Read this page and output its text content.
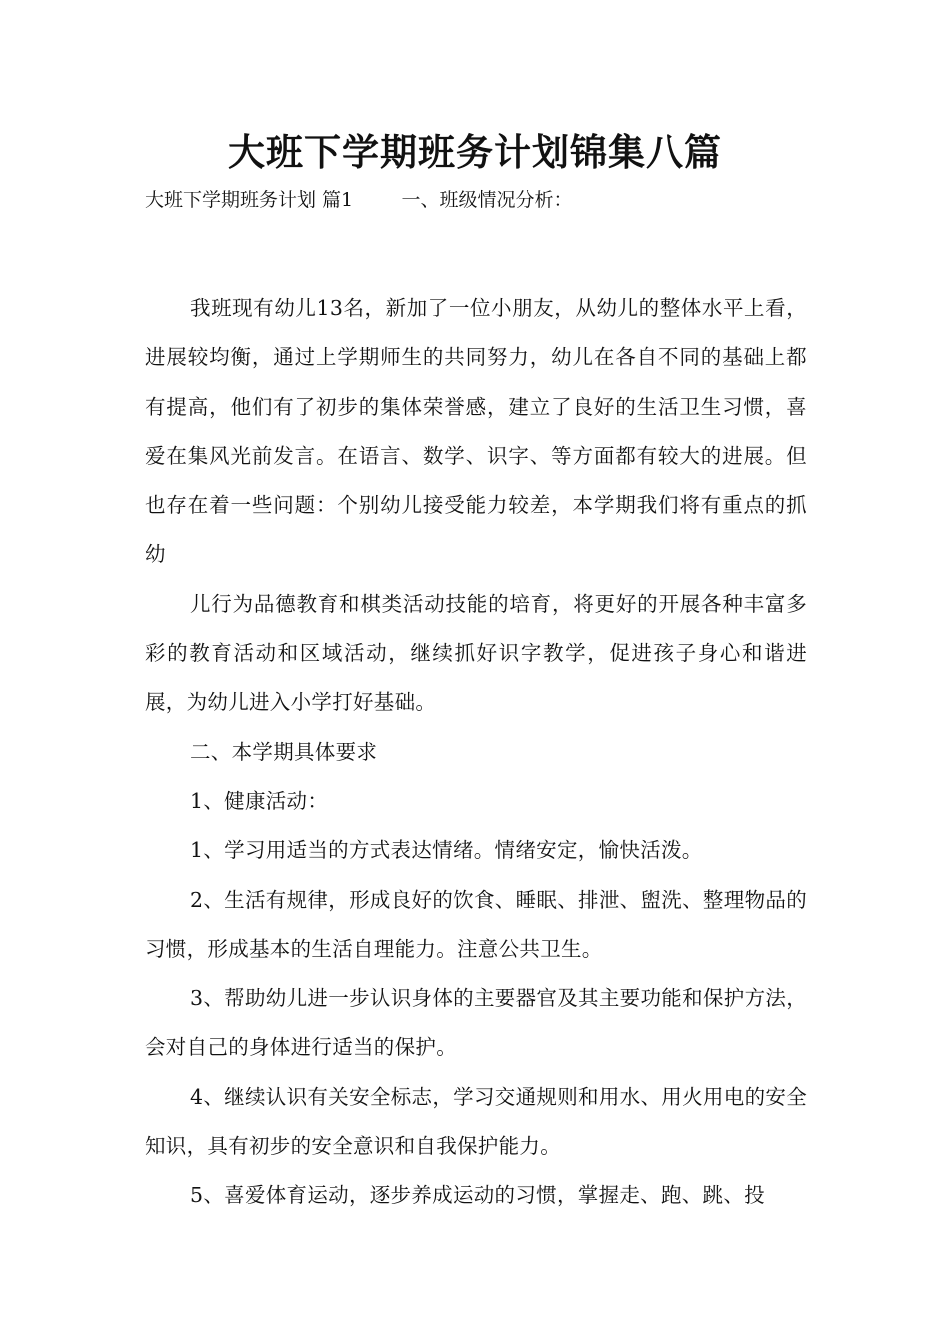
大班下学期班务计划锦集八篇
大班下学期班务计划 篇1	一、班级情况分析：

我班现有幼儿13名，新加了一位小朋友，从幼儿的整体水平上看，进展较均衡，通过上学期师生的共同努力，幼儿在各自不同的基础上都有提高，他们有了初步的集体荣誉感，建立了良好的生活卫生习惯，喜爱在集风光前发言。在语言、数学、识字、等方面都有较大的进展。但也存在着一些问题：个别幼儿接受能力较差，本学期我们将有重点的抓幼

儿行为品德教育和棋类活动技能的培育，将更好的开展各种丰富多彩的教育活动和区域活动，继续抓好识字教学，促进孩子身心和谐进展，为幼儿进入小学打好基础。

二、本学期具体要求

1、健康活动：

1、学习用适当的方式表达情绪。情绪安定，愉快活泼。

2、生活有规律，形成良好的饮食、睡眠、排泄、盥洗、整理物品的习惯，形成基本的生活自理能力。注意公共卫生。

3、帮助幼儿进一步认识身体的主要器官及其主要功能和保护方法，会对自己的身体进行适当的保护。

4、继续认识有关安全标志，学习交通规则和用水、用火用电的安全知识，具有初步的安全意识和自我保护能力。

5、喜爱体育运动，逐步养成运动的习惯，掌握走、跑、跳、投
